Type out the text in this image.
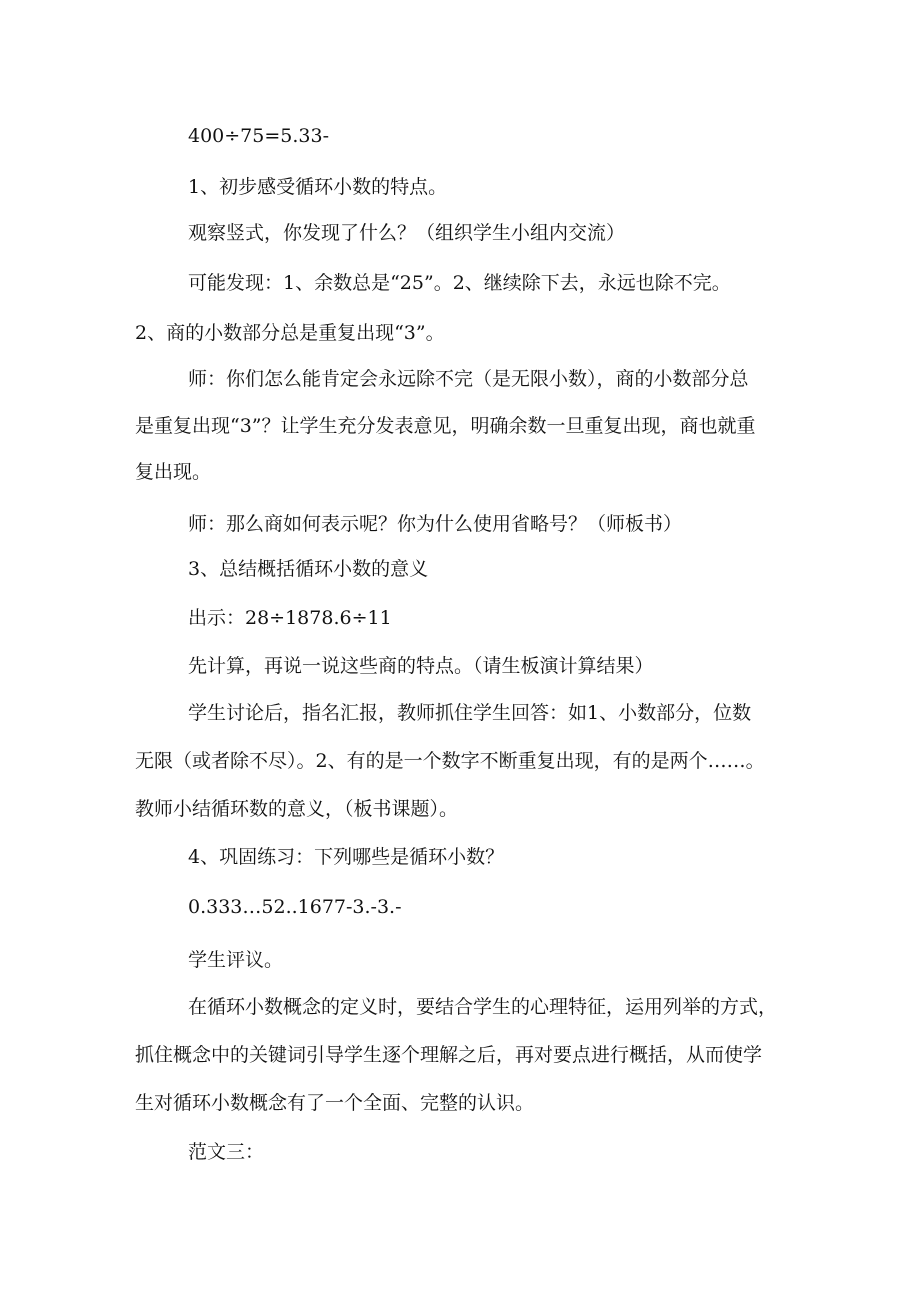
400÷75=5.33-
1、初步感受循环小数的特点。
观察竖式，你发现了什么？（组织学生小组内交流）
可能发现：1、余数总是“25”。2、继续除下去，永远也除不完。
2、商的小数部分总是重复出现“3”。
师：你们怎么能肯定会永远除不完（是无限小数），商的小数部分总
是重复出现“3”？让学生充分发表意见，明确余数一旦重复出现，商也就重
复出现。
师：那么商如何表示呢？你为什么使用省略号？（师板书）
3、总结概括循环小数的意义
出示：28÷1878.6÷11
先计算，再说一说这些商的特点。（请生板演计算结果）
学生讨论后，指名汇报，教师抓住学生回答：如1、小数部分，位数
无限（或者除不尽）。2、有的是一个数字不断重复出现，有的是两个……。
教师小结循环数的意义，（板书课题）。
4、巩固练习：下列哪些是循环小数？
0.333…52..1677-3.-3.-
学生评议。
在循环小数概念的定义时，要结合学生的心理特征，运用列举的方式，
抓住概念中的关键词引导学生逐个理解之后，再对要点进行概括，从而使学
生对循环小数概念有了一个全面、完整的认识。
范文三：
